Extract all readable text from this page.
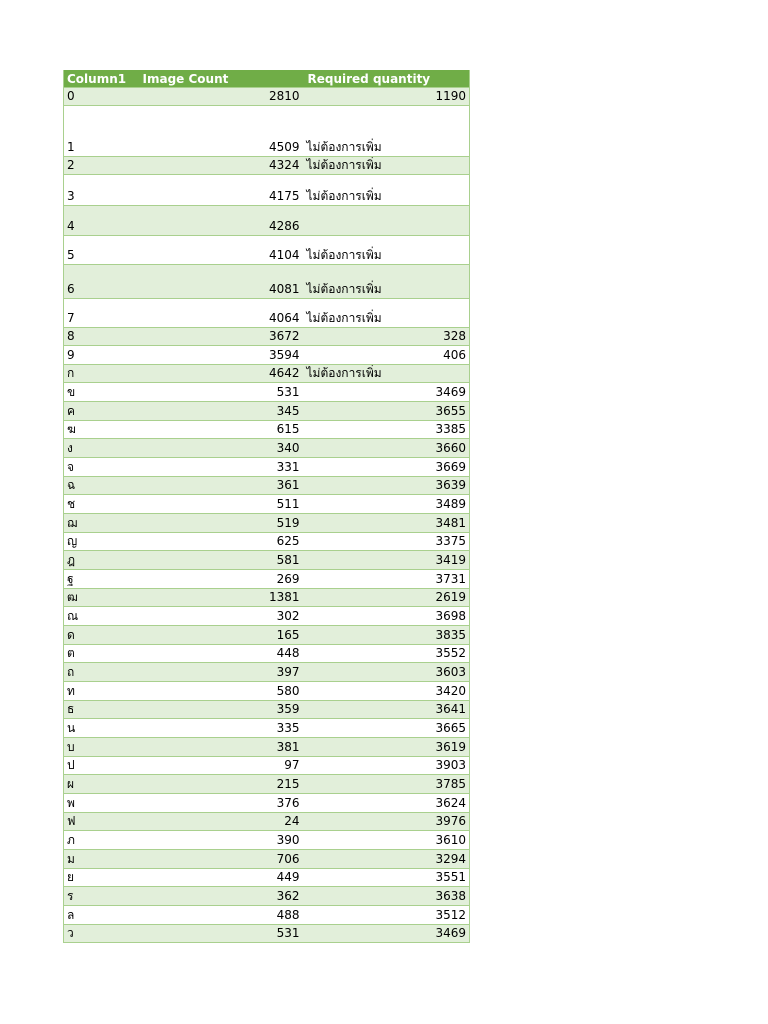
Column1	Image Count	Required quantity
0	2810	1190
1	4509	ไม่ต้องการเพิ่ม
2	4324	ไม่ต้องการเพิ่ม
3	4175	ไม่ต้องการเพิ่ม
4	4286	
5	4104	ไม่ต้องการเพิ่ม
6	4081	ไม่ต้องการเพิ่ม
7	4064	ไม่ต้องการเพิ่ม
8	3672	328
9	3594	406
ก	4642	ไม่ต้องการเพิ่ม
ข	531	3469
ค	345	3655
ฆ	615	3385
ง	340	3660
จ	331	3669
ฉ	361	3639
ช	511	3489
ฌ	519	3481
ญ	625	3375
ฎ	581	3419
ฐ	269	3731
ฒ	1381	2619
ณ	302	3698
ด	165	3835
ต	448	3552
ถ	397	3603
ท	580	3420
ธ	359	3641
น	335	3665
บ	381	3619
ป	97	3903
ผ	215	3785
พ	376	3624
ฟ	24	3976
ภ	390	3610
ม	706	3294
ย	449	3551
ร	362	3638
ล	488	3512
ว	531	3469
